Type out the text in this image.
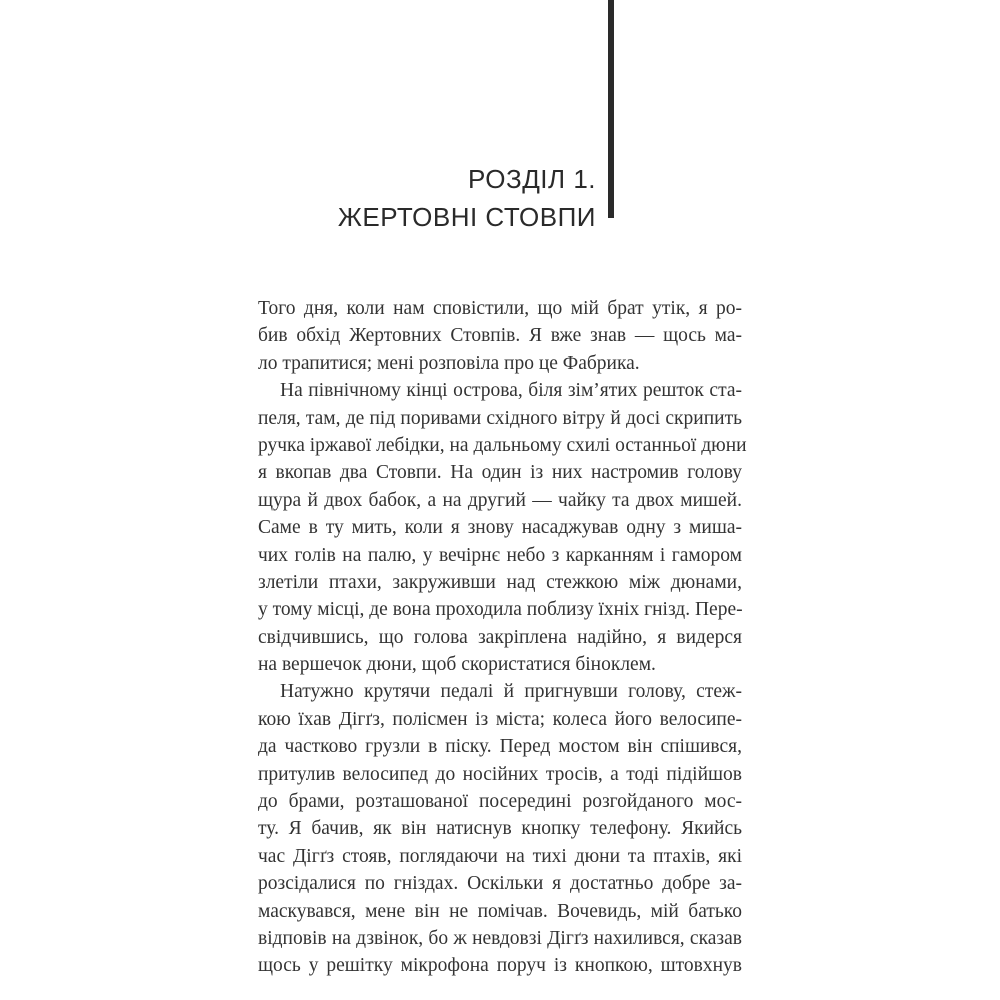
РОЗДІЛ 1.
ЖЕРТОВНІ СТОВПИ
Того дня, коли нам сповістили, що мій брат утік, я ро-
бив обхід Жертовних Стовпів. Я вже знав — щось ма-
ло трапитися; мені розповіла про це Фабрика.
На північному кінці острова, біля зім’ятих решток ста-
пеля, там, де під поривами східного вітру й досі скрипить
ручка іржавої лебідки, на дальньому схилі останньої дюни
я вкопав два Стовпи. На один із них настромив голову
щура й двох бабок, а на другий — чайку та двох мишей.
Саме в ту мить, коли я знову насаджував одну з миша-
чих голів на палю, у вечірнє небо з карканням і гамором
злетіли птахи, закруживши над стежкою між дюнами,
у тому місці, де вона проходила поблизу їхніх гнізд. Пере-
свідчившись, що голова закріплена надійно, я видерся
на вершечок дюни, щоб скористатися біноклем.
Натужно крутячи педалі й пригнувши голову, стеж-
кою їхав Дігґз, полісмен із міста; колеса його велосипе-
да частково грузли в піску. Перед мостом він спішився,
притулив велосипед до носійних тросів, а тоді підійшов
до брами, розташованої посередині розгойданого мос-
ту. Я бачив, як він натиснув кнопку телефону. Якийсь
час Дігґз стояв, поглядаючи на тихі дюни та птахів, які
розсідалися по гніздах. Оскільки я достатньо добре за-
маскувався, мене він не помічав. Вочевидь, мій батько
відповів на дзвінок, бо ж невдовзі Дігґз нахилився, сказав
щось у решітку мікрофона поруч із кнопкою, штовхнув
